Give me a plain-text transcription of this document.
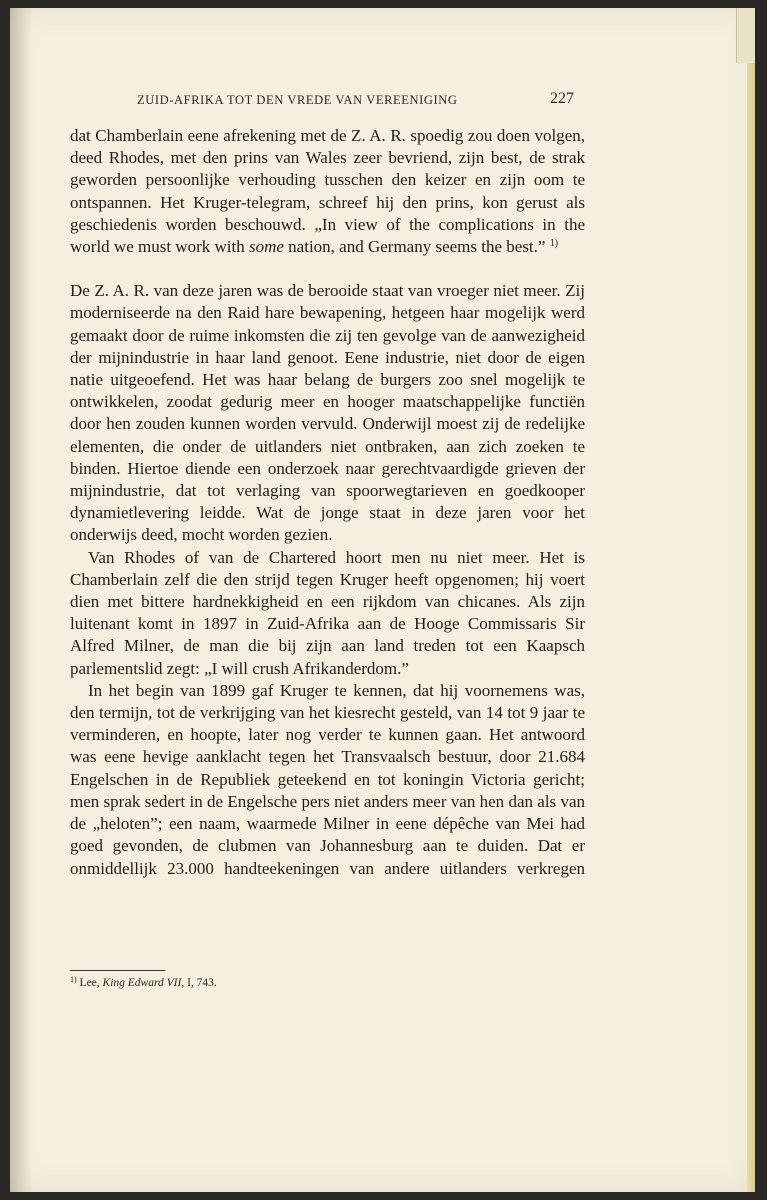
ZUID-AFRIKA TOT DEN VREDE VAN VEREENIGING	227

dat Chamberlain eene afrekening met de Z. A. R. spoedig zou doen volgen, deed Rhodes, met den prins van Wales zeer bevriend, zijn best, de strak geworden persoonlijke verhouding tusschen den keizer en zijn oom te ontspannen. Het Kruger-telegram, schreef hij den prins, kon gerust als geschiedenis worden beschouwd. „In view of the complications in the world we must work with some nation, and Germany seems the best.” $^{1)}$

De Z. A. R. van deze jaren was de berooide staat van vroeger niet meer. Zij moderniseerde na den Raid hare bewapening, hetgeen haar mogelijk werd gemaakt door de ruime inkomsten die zij ten gevolge van de aanwezigheid der mijnindustrie in haar land genoot. Eene industrie, niet door de eigen natie uitgeoefend. Het was haar belang de burgers zoo snel mogelijk te ontwikkelen, zoodat gedurig meer en hooger maatschappelijke functiën door hen zouden kunnen worden vervuld. Onderwijl moest zij de redelijke elementen, die onder de uitlanders niet ontbraken, aan zich zoeken te binden. Hiertoe diende een onderzoek naar gerechtvaardigde grieven der mijnindustrie, dat tot verlaging van spoorwegtarieven en goedkooper dynamietlevering leidde. Wat de jonge staat in deze jaren voor het onderwijs deed, mocht worden gezien.

Van Rhodes of van de Chartered hoort men nu niet meer. Het is Chamberlain zelf die den strijd tegen Kruger heeft opgenomen; hij voert dien met bittere hardnekkigheid en een rijkdom van chicanes. Als zijn luitenant komt in 1897 in Zuid-Afrika aan de Hooge Commissaris Sir Alfred Milner, de man die bij zijn aan land treden tot een Kaapsch parlementslid zegt: „I will crush Afrikanderdom.”

In het begin van 1899 gaf Kruger te kennen, dat hij voornemens was, den termijn, tot de verkrijging van het kiesrecht gesteld, van 14 tot 9 jaar te verminderen, en hoopte, later nog verder te kunnen gaan. Het antwoord was eene hevige aanklacht tegen het Transvaalsch bestuur, door 21.684 Engelschen in de Republiek geteekend en tot koningin Victoria gericht; men sprak sedert in de Engelsche pers niet anders meer van hen dan als van de „heloten”; een naam, waarmede Milner in eene dépêche van Mei had goed gevonden, de clubmen van Johannesburg aan te duiden. Dat er onmiddellijk 23.000 handteekeningen van andere uitlanders verkregen

$^{1)}$ Lee, King Edward VII, I, 743.
